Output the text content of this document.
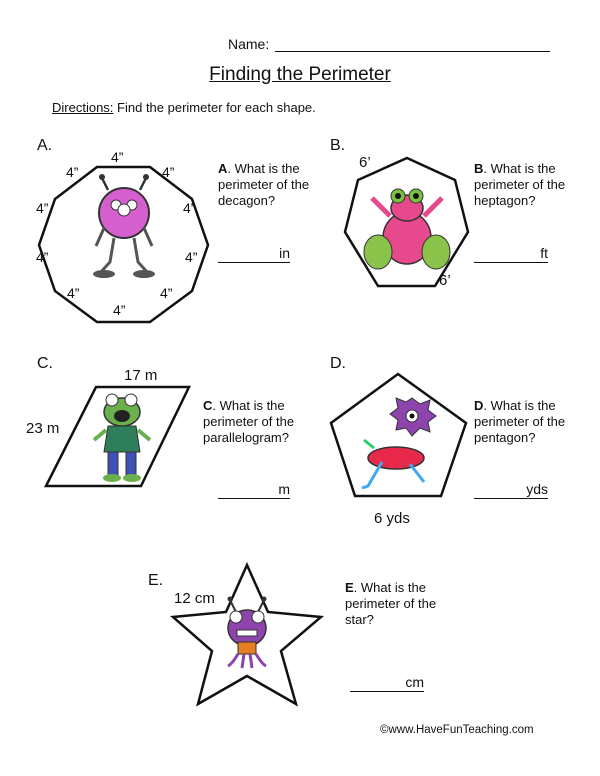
Name:
Finding the Perimeter
Directions: Find the perimeter for each shape.
A.
4”
4”	4”
4”	4”
4”	4”
4”	4”
4”
A. What is the perimeter of the decagon?
in
B.
6’
6’
B. What is the perimeter of the heptagon?
ft
C.
17 m
23 m
C. What is the perimeter of the parallelogram?
m
D.
6 yds
D. What is the perimeter of the pentagon?
yds
E.
12 cm
E. What is the perimeter of the star?
cm
©www.HaveFunTeaching.com
